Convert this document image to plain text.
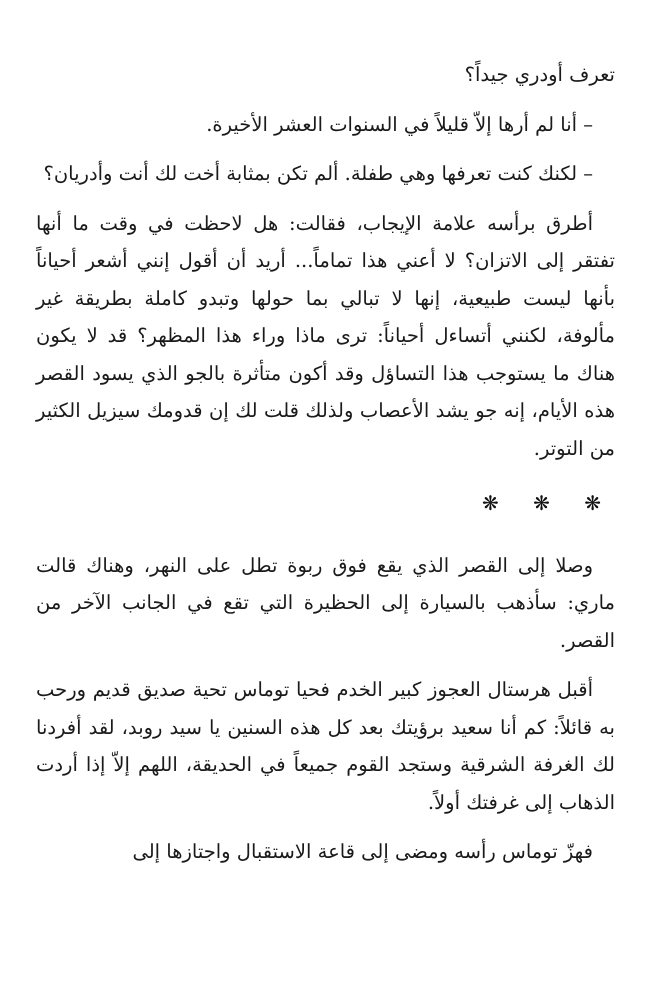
تعرف أودري جيداً؟

– أنا لم أرها إلاّ قليلاً في السنوات العشر الأخيرة.

– لكنك كنت تعرفها وهي طفلة. ألم تكن بمثابة أخت لك أنت وأدريان؟

أطرق برأسه علامة الإيجاب، فقالت: هل لاحظت في وقت ما أنها تفتقر إلى الاتزان؟ لا أعني هذا تماماً... أريد أن أقول إنني أشعر أحياناً بأنها ليست طبيعية، إنها لا تبالي بما حولها وتبدو كاملة بطريقة غير مألوفة، لكنني أتساءل أحياناً: ترى ماذا وراء هذا المظهر؟ قد لا يكون هناك ما يستوجب هذا التساؤل وقد أكون متأثرة بالجو الذي يسود القصر هذه الأيام، إنه جو يشد الأعصاب ولذلك قلت لك إن قدومك سيزيل الكثير من التوتر.

❋ ❋ ❋

وصلا إلى القصر الذي يقع فوق ربوة تطل على النهر، وهناك قالت ماري: سأذهب بالسيارة إلى الحظيرة التي تقع في الجانب الآخر من القصر.

أقبل هرستال العجوز كبير الخدم فحيا توماس تحية صديق قديم ورحب به قائلاً: كم أنا سعيد برؤيتك بعد كل هذه السنين يا سيد روبد، لقد أفردنا لك الغرفة الشرقية وستجد القوم جميعاً في الحديقة، اللهم إلاّ إذا أردت الذهاب إلى غرفتك أولاً.

فهزّ توماس رأسه ومضى إلى قاعة الاستقبال واجتازها إلى
